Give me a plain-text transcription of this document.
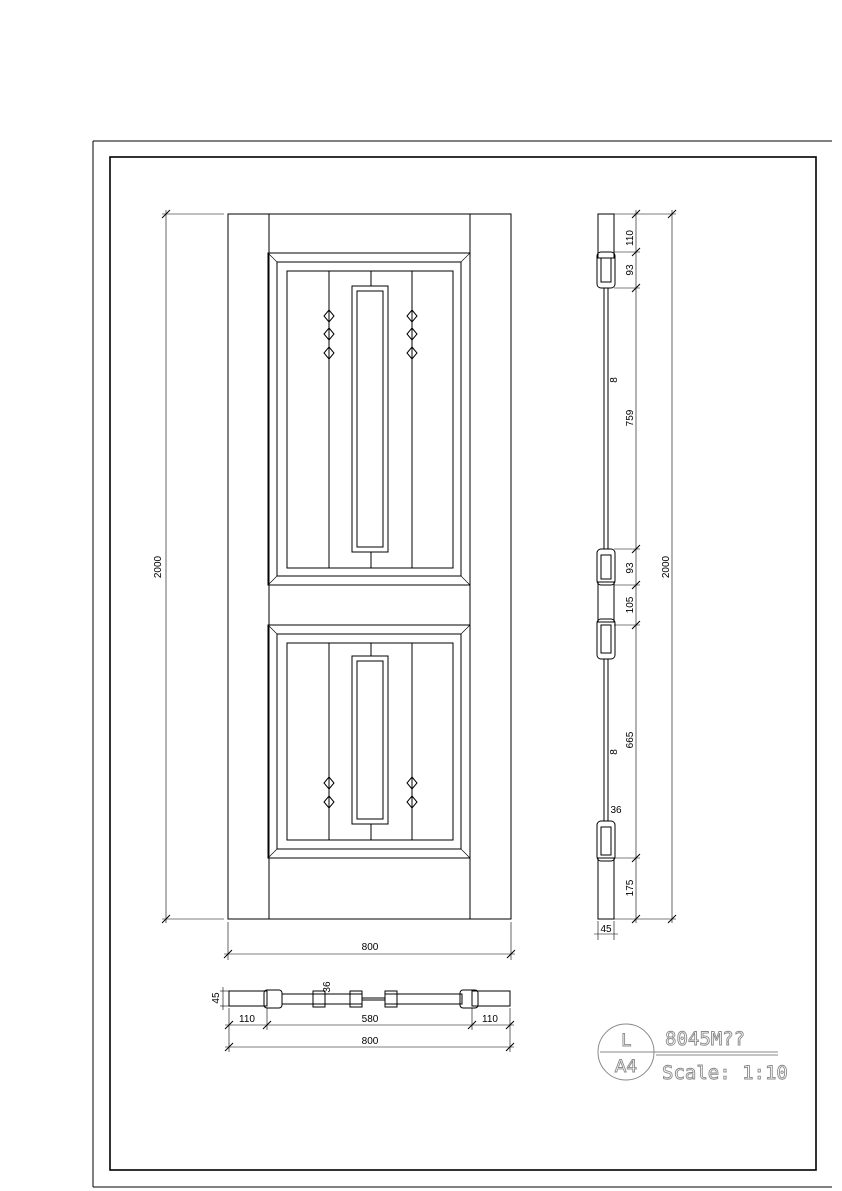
2000
800
110
93
8
759
93
105
665
8
36
175
2000
45
45
36
110	580	110
800	L
A4
8045M??
Scale: 1:10
